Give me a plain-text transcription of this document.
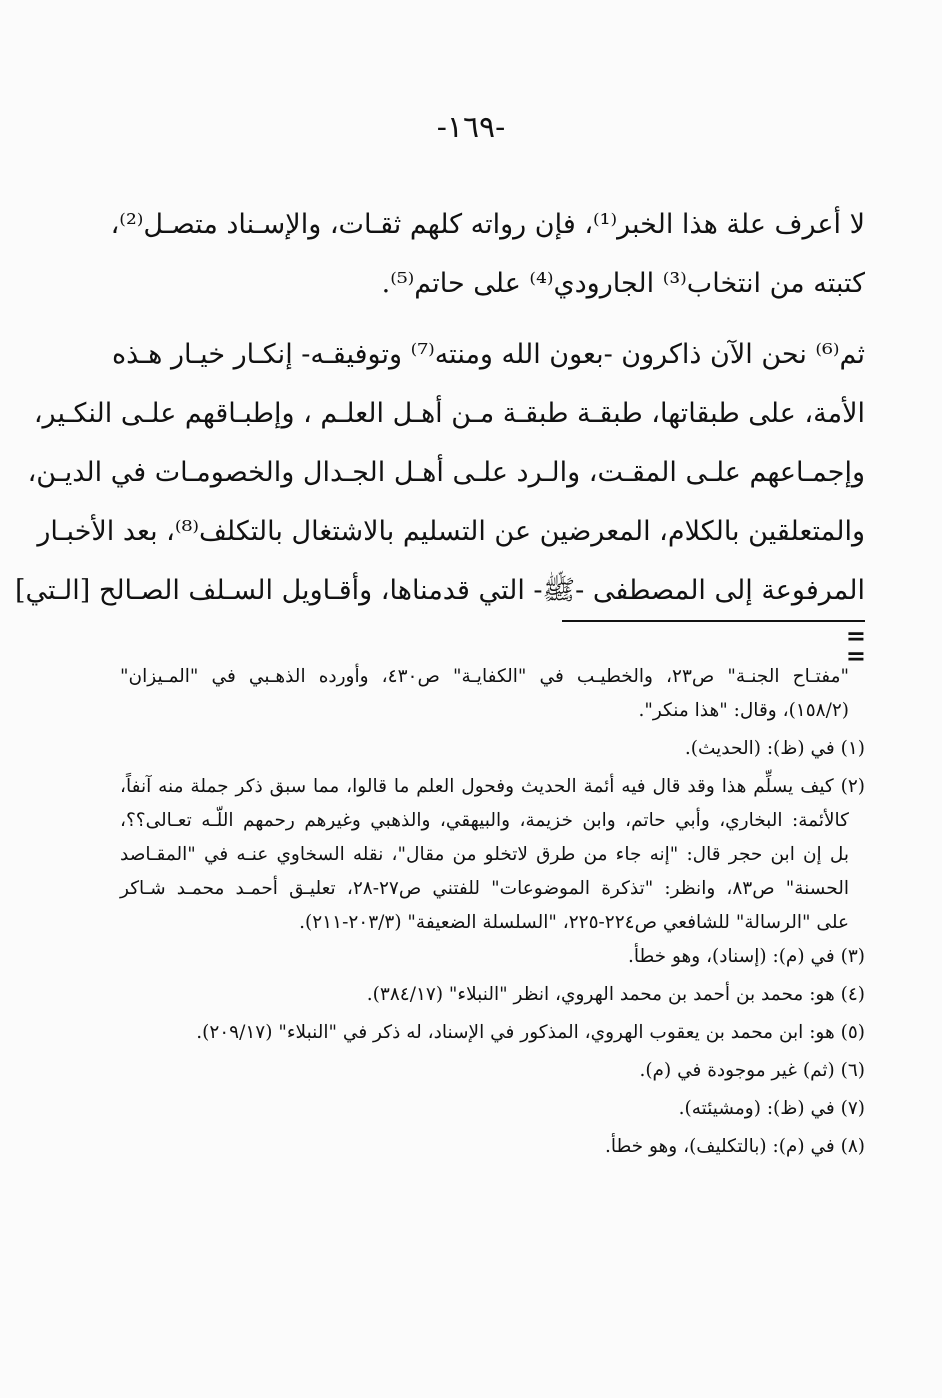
-١٦٩-
لا أعرف علة هذا الخبر⁽¹⁾، فإن رواته كلهم ثقـات، والإسـناد متصـل⁽²⁾،
كتبته من انتخاب⁽³⁾ الجارودي⁽⁴⁾ على حاتم⁽⁵⁾.
ثم⁽⁶⁾ نحن الآن ذاكرون -بعون الله ومنته⁽⁷⁾ وتوفيقـه- إنكـار خيـار هـذه
الأمة، على طبقاتها، طبقـة طبقـة مـن أهـل العلـم ، وإطبـاقهم علـى النكـير،
وإجمـاعهم علـى المقـت، والـرد علـى أهـل الجـدال والخصومـات في الديـن،
والمتعلقين بالكلام، المعرضين عن التسليم بالاشتغال بالتكلف⁽⁸⁾، بعد الأخبـار
المرفوعة إلى المصطفى -ﷺ- التي قدمناها، وأقـاويل السـلف الصـالح [الـتي]
= =
"مفتـاح الجنـة" ص٢٣، والخطيـب في "الكفايـة" ص٤٣٠، وأورده الذهـبي في "المـيزان"
(١٥٨/٢)، وقال: "هذا منكر".
(١) في (ظ): (الحديث).
(٢) كيف يسلِّم هذا وقد قال فيه أئمة الحديث وفحول العلم ما قالوا، مما سبق ذكر جملة منه آنفاً،
كالأئمة: البخاري، وأبي حاتم، وابن خزيمة، والبيهقي، والذهبي وغيرهم رحمهم اللّـه تعـالى؟؟،
بل إن ابن حجر قال: "إنه جاء من طرق لاتخلو من مقال"، نقله السخاوي عنـه في "المقـاصد
الحسنة" ص٨٣، وانظر: "تذكرة الموضوعات" للفتني ص٢٧-٢٨، تعليـق أحمـد محمـد شـاكر
على "الرسالة" للشافعي ص٢٢٤-٢٢٥، "السلسلة الضعيفة" (٢٠٣/٣-٢١١).
(٣) في (م): (إسناد)، وهو خطأ.
(٤) هو: محمد بن أحمد بن محمد الهروي، انظر "النبلاء" (٣٨٤/١٧).
(٥) هو: ابن محمد بن يعقوب الهروي، المذكور في الإسناد، له ذكر في "النبلاء" (٢٠٩/١٧).
(٦) (ثم) غير موجودة في (م).
(٧) في (ظ): (ومشيئته).
(٨) في (م): (بالتكليف)، وهو خطأ.
